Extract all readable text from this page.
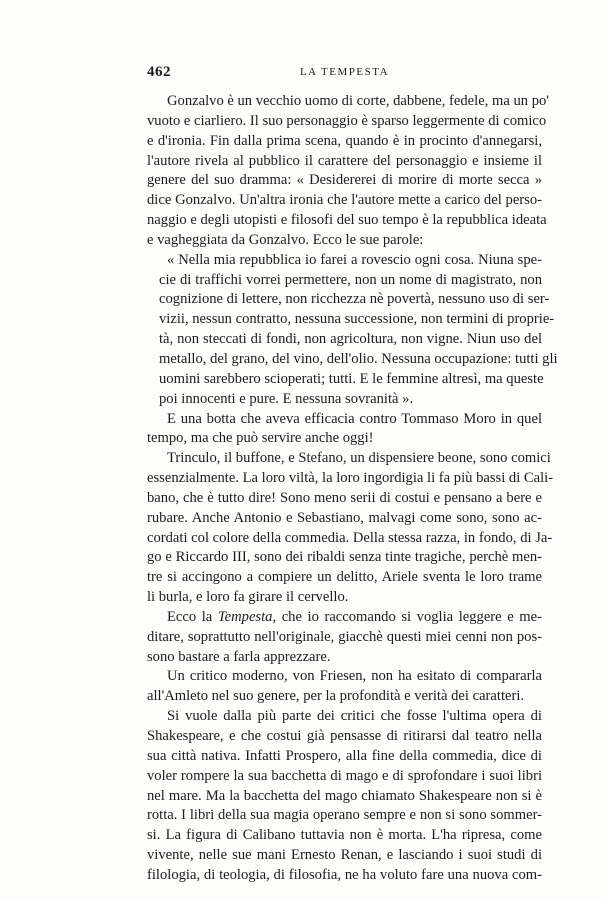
462	LA TEMPESTA
Gonzalvo è un vecchio uomo di corte, dabbene, fedele, ma un po'
vuoto e ciarliero. Il suo personaggio è sparso leggermente di comico
e d'ironia. Fin dalla prima scena, quando è in procinto d'annegarsi,
l'autore rivela al pubblico il carattere del personaggio e insieme il
genere del suo dramma: « Desidererei di morire di morte secca »
dice Gonzalvo. Un'altra ironia che l'autore mette a carico del perso-
naggio e degli utopisti e filosofi del suo tempo è la repubblica ideata
e vagheggiata da Gonzalvo. Ecco le sue parole:
« Nella mia repubblica io farei a rovescio ogni cosa. Niuna spe-
cie di traffichi vorrei permettere, non un nome di magistrato, non
cognizione di lettere, non ricchezza nè povertà, nessuno uso di ser-
vizii, nessun contratto, nessuna successione, non termini di proprie-
tà, non steccati di fondi, non agricoltura, non vigne. Niun uso del
metallo, del grano, del vino, dell'olio. Nessuna occupazione: tutti gli
uomini sarebbero scioperati; tutti. E le femmine altresì, ma queste
poi innocenti e pure. E nessuna sovranità ».
E una botta che aveva efficacia contro Tommaso Moro in quel
tempo, ma che può servire anche oggi!
Trinculo, il buffone, e Stefano, un dispensiere beone, sono comici
essenzialmente. La loro viltà, la loro ingordigia li fa più bassi di Cali-
bano, che è tutto dire! Sono meno serii di costui e pensano a bere e
rubare. Anche Antonio e Sebastiano, malvagi come sono, sono ac-
cordati col colore della commedia. Della stessa razza, in fondo, di Ja-
go e Riccardo III, sono dei ribaldi senza tinte tragiche, perchè men-
tre si accingono a compiere un delitto, Ariele sventa le loro trame
li burla, e loro fa girare il cervello.
Ecco la Tempesta, che io raccomando si voglia leggere e me-
ditare, soprattutto nell'originale, giacchè questi miei cenni non pos-
sono bastare a farla apprezzare.
Un critico moderno, von Friesen, non ha esitato di compararla
all'Amleto nel suo genere, per la profondità e verità dei caratteri.
Si vuole dalla più parte dei critici che fosse l'ultima opera di
Shakespeare, e che costui già pensasse di ritirarsi dal teatro nella
sua città nativa. Infatti Prospero, alla fine della commedia, dice di
voler rompere la sua bacchetta di mago e di sprofondare i suoi libri
nel mare. Ma la bacchetta del mago chiamato Shakespeare non si è
rotta. I libri della sua magia operano sempre e non si sono sommer-
si. La figura di Calibano tuttavia non è morta. L'ha ripresa, come
vivente, nelle sue mani Ernesto Renan, e lasciando i suoi studi di
filologia, di teologia, di filosofia, ne ha voluto fare una nuova com-
